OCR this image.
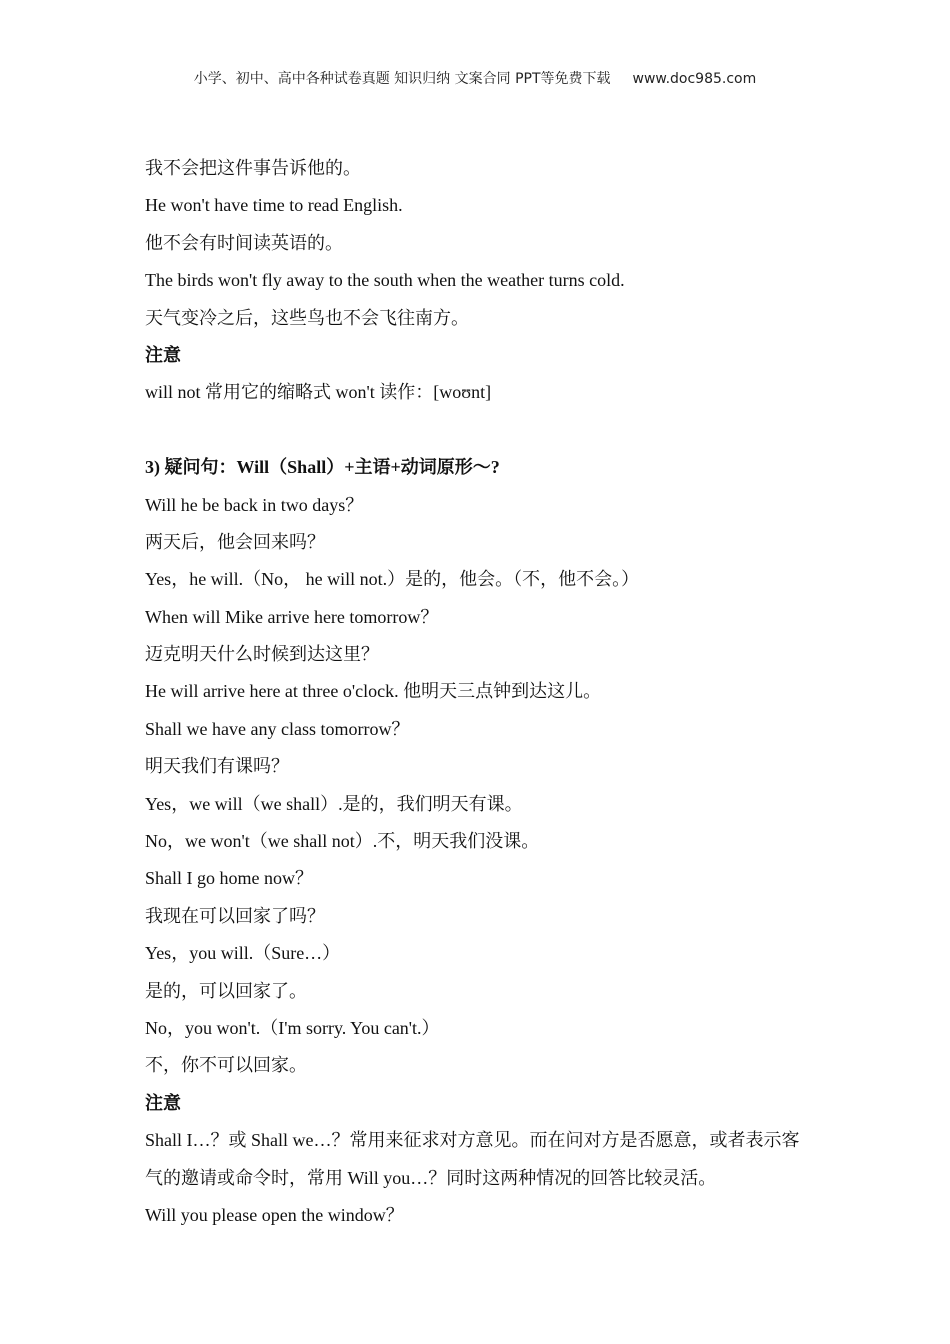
小学、初中、高中各种试卷真题 知识归纳 文案合同 PPT等免费下载 www.doc985.com
我不会把这件事告诉他的。
He won't have time to read English.
他不会有时间读英语的。
The birds won't fly away to the south when the weather turns cold.
天气变冷之后，这些鸟也不会飞往南方。
注意
will not 常用它的缩略式 won't 读作：[woʊnt]
3) 疑问句：Will（Shall）+主语+动词原形～?
Will he be back in two days？
两天后，他会回来吗？
Yes，he will.（No， he will not.）是的，他会。（不，他不会。）
When will Mike arrive here tomorrow？
迈克明天什么时候到达这里？
He will arrive here at three o'clock. 他明天三点钟到达这儿。
Shall we have any class tomorrow？
明天我们有课吗？
Yes，we will（we shall）.是的，我们明天有课。
No，we won't（we shall not）.不，明天我们没课。
Shall I go home now？
我现在可以回家了吗？
Yes，you will.（Sure…）
是的，可以回家了。
No，you won't.（I'm sorry. You can't.）
不，你不可以回家。
注意
Shall I…？或 Shall we…？常用来征求对方意见。而在问对方是否愿意，或者表示客气的邀请或命令时，常用 Will you…？同时这两种情况的回答比较灵活。
Will you please open the window？
